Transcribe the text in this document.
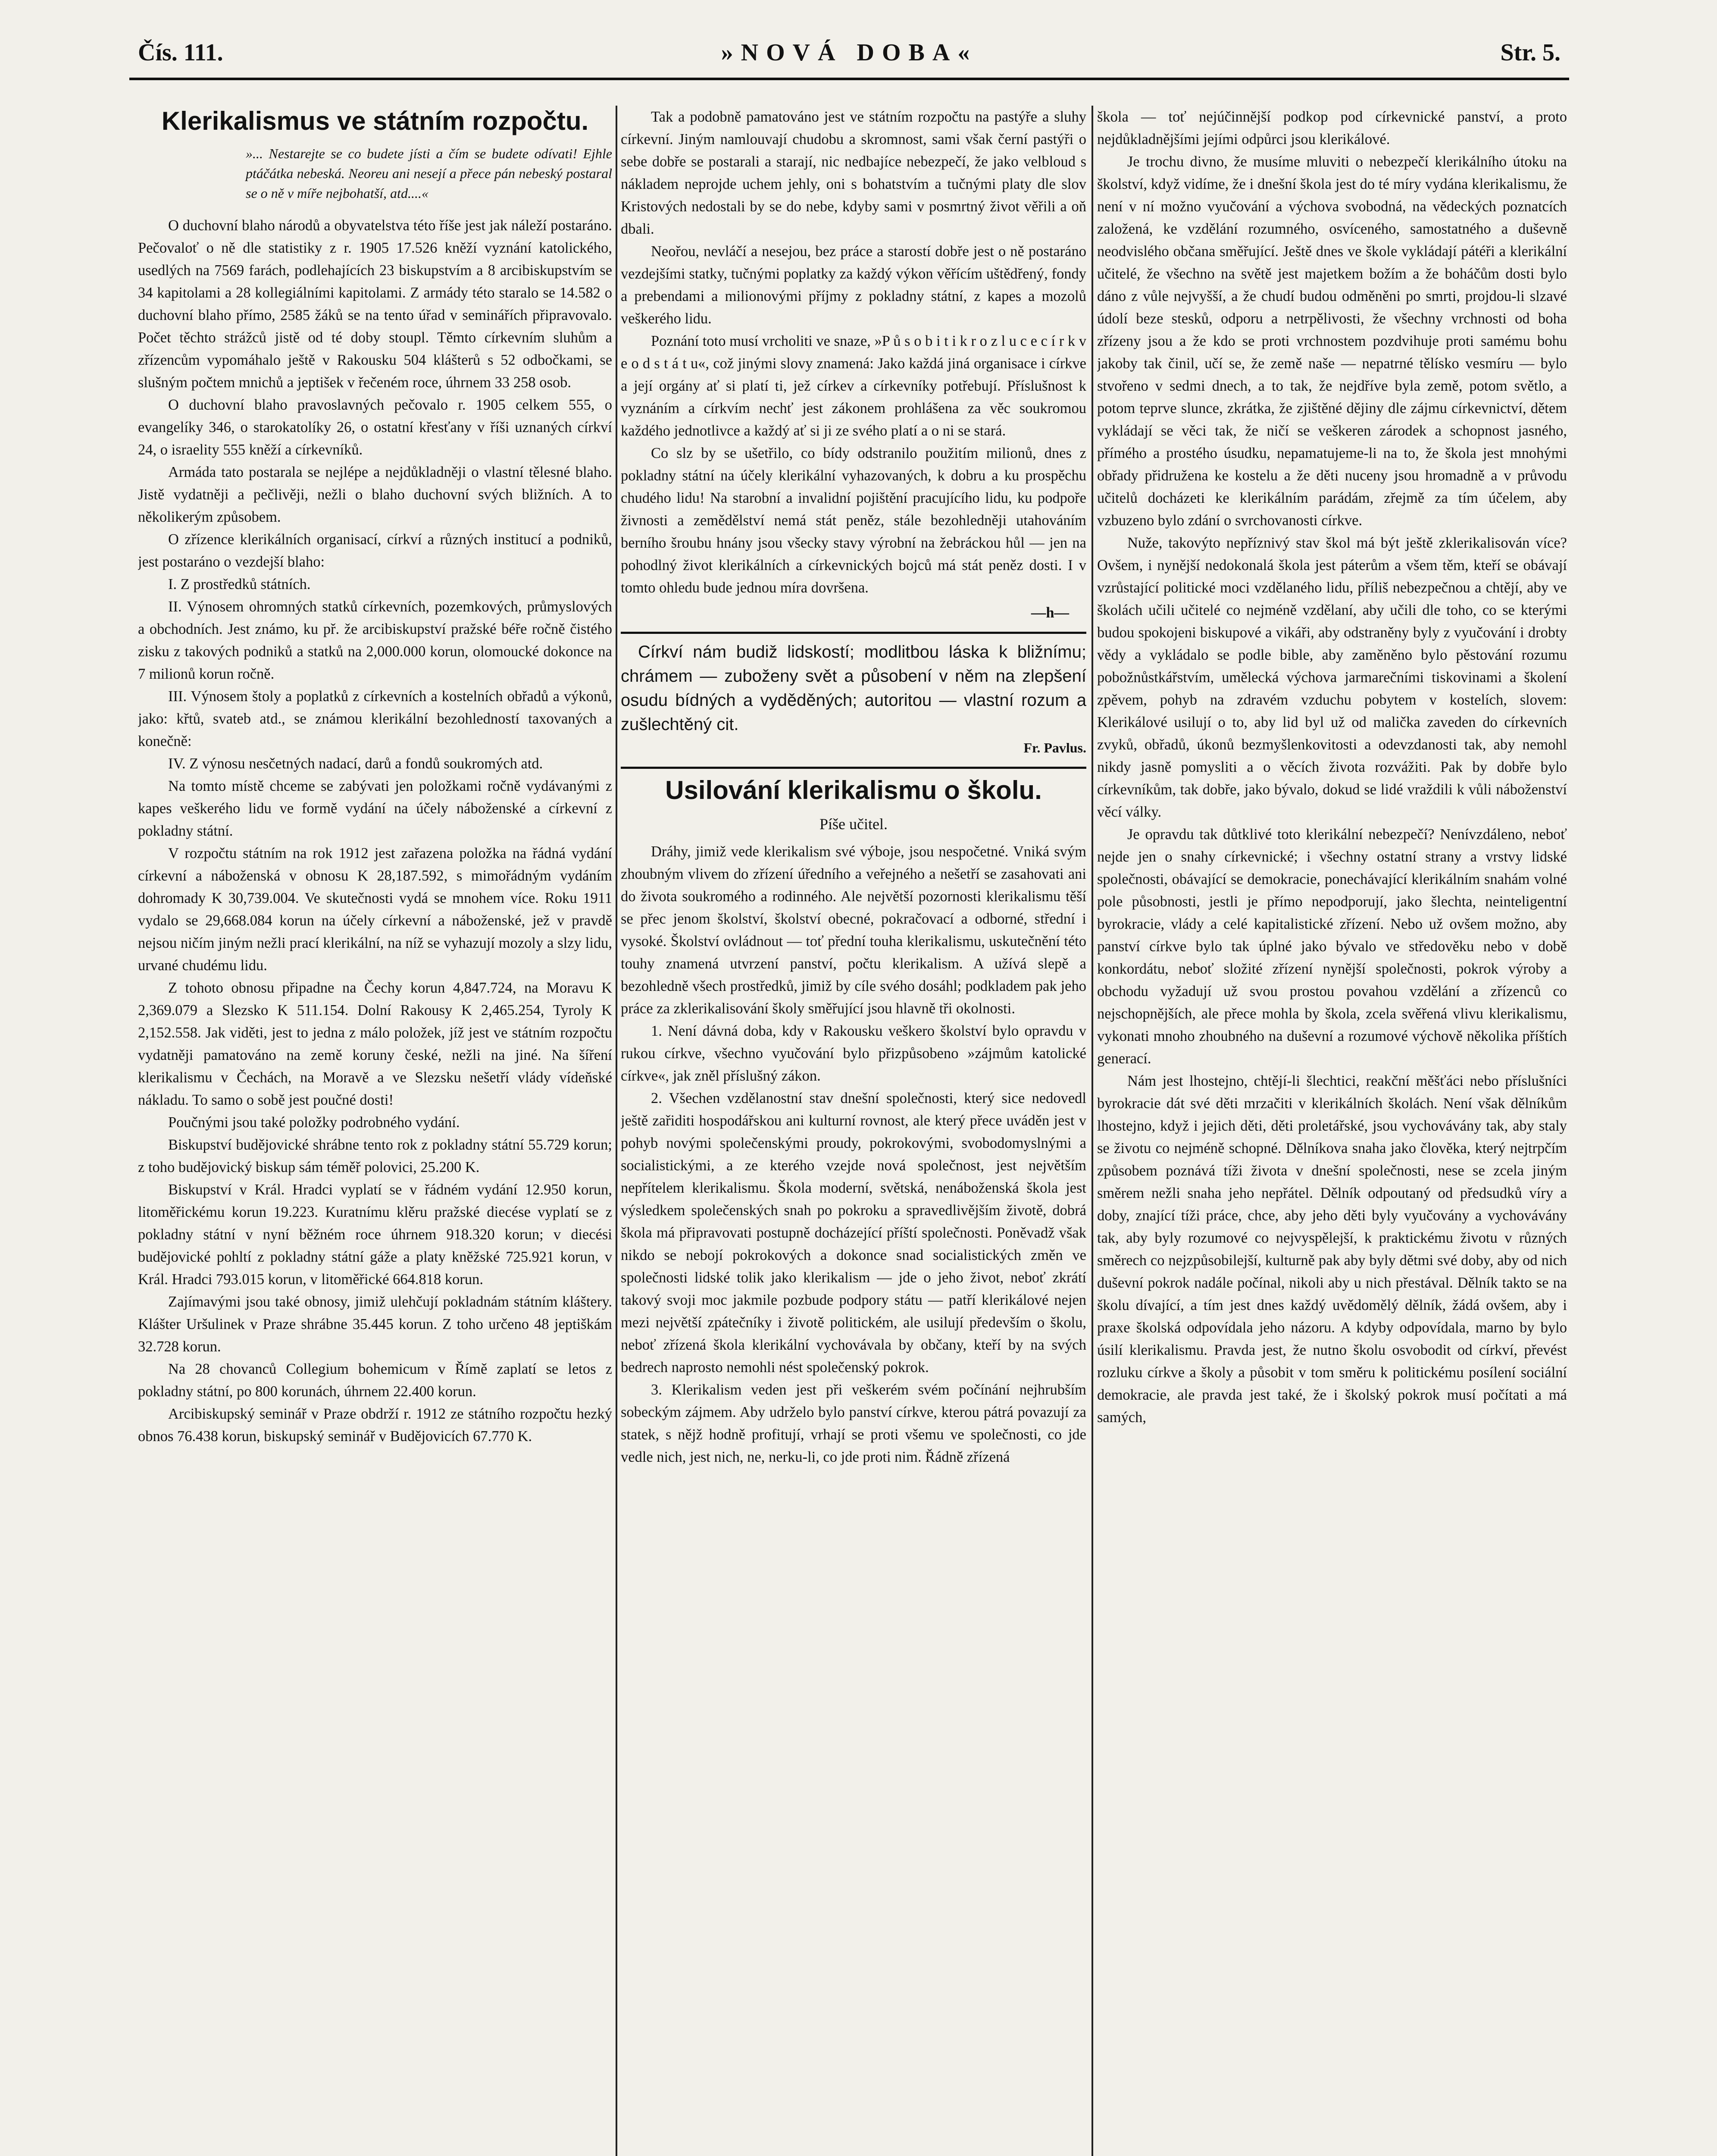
Čís. 111.	»NOVÁ DOBA«	Str. 5.
Klerikalismus ve státním rozpočtu.
»... Nestarejte se co budete jísti a čím se budete odívati! Ejhle ptáčátka nebeská. Neoreu ani nesejí a přece pán nebeský postaral se o ně v míře nejbohatší, atd....«

O duchovní blaho národů a obyvatelstva této říše jest jak náleží postaráno. Pečovaloť o ně dle statistiky z r. 1905 17.526 kněží vyznání katolického, usedlých na 7569 farách, podlehajících 23 biskupstvím a 8 arcibiskupstvím se 34 kapitolami a 28 kollegiálními kapitolami. Z armády této staralo se 14.582 o duchovní blaho přímo, 2585 žáků se na tento úřad v seminářích připravovalo. Počet těchto strážců jistě od té doby stoupl. Těmto církevním sluhům a zřízencům vypomáhalo ještě v Rakousku 504 klášterů s 52 odbočkami, se slušným počtem mnichů a jeptišek v řečeném roce, úhrnem 33 258 osob.

O duchovní blaho pravoslavných pečovalo r. 1905 celkem 555, o evangelíky 346, o starokatolíky 26, o ostatní křesťany v říši uznaných církví 24, o israelity 555 kněží a církevníků.

Armáda tato postarala se nejlépe a nejdůkladněji o vlastní tělesné blaho. Jistě vydatněji a pečlivěji, nežli o blaho duchovní svých bližních. A to několikerým způsobem.

O zřízence klerikálních organisací, církví a různých institucí a podniků, jest postaráno o vezdejší blaho:

I. Z prostředků státních.

II. Výnosem ohromných statků církevních, pozemkových, průmyslových a obchodních. Jest známo, ku př. že arcibiskupství pražské béře ročně čistého zisku z takových podniků a statků na 2,000.000 korun, olomoucké dokonce na 7 milionů korun ročně.

III. Výnosem štoly a poplatků z církevních a kostelních obřadů a výkonů, jako: křtů, svateb atd., se známou klerikální bezohledností taxovaných a konečně:

IV. Z výnosu nesčetných nadací, darů a fondů soukromých atd.

Na tomto místě chceme se zabývati jen položkami ročně vydávanými z kapes veškerého lidu ve formě vydání na účely náboženské a církevní z pokladny státní.

V rozpočtu státním na rok 1912 jest zařazena položka na řádná vydání církevní a náboženská v obnosu K 28,187.592, s mimořádným vydáním dohromady K 30,739.004. Ve skutečnosti vydá se mnohem více. Roku 1911 vydalo se 29,668.084 korun na účely církevní a náboženské, jež v pravdě nejsou ničím jiným nežli prací klerikální, na níž se vyhazují mozoly a slzy lidu, urvané chudému lidu.

Z tohoto obnosu připadne na Čechy korun 4,847.724, na Moravu K 2,369.079 a Slezsko K 511.154. Dolní Rakousy K 2,465.254, Tyroly K 2,152.558. Jak viděti, jest to jedna z málo položek, jíž jest ve státním rozpočtu vydatněji pamatováno na země koruny české, nežli na jiné. Na šíření klerikalismu v Čechách, na Moravě a ve Slezsku nešetří vlády vídeňské nákladu. To samo o sobě jest poučné dosti!

Poučnými jsou také položky podrobného vydání.

Biskupství budějovické shrábne tento rok z pokladny státní 55.729 korun; z toho budějovický biskup sám téměř polovici, 25.200 K.

Biskupství v Král. Hradci vyplatí se v řádném vydání 12.950 korun, litoměřickému korun 19.223. Kuratnímu klěru pražské diecése vyplatí se z pokladny státní v nyní běžném roce úhrnem 918.320 korun; v diecési budějovické pohltí z pokladny státní gáže a platy kněžské 725.921 korun, v Král. Hradci 793.015 korun, v litoměřické 664.818 korun.

Zajímavými jsou také obnosy, jimiž ulehčují pokladnám státním kláštery. Klášter Uršulinek v Praze shrábne 35.445 korun. Z toho určeno 48 jeptiškám 32.728 korun.

Na 28 chovanců Collegium bohemicum v Římě zaplatí se letos z pokladny státní, po 800 korunách, úhrnem 22.400 korun.

Arcibiskupský seminář v Praze obdrží r. 1912 ze státního rozpočtu hezký obnos 76.438 korun, biskupský seminář v Budějovicích 67.770 K.

Tak a podobně pamatováno jest ve státním rozpočtu na pastýře a sluhy církevní. Jiným namlouvají chudobu a skromnost, sami však černí pastýři o sebe dobře se postarali a starají, nic nedbajíce nebezpečí, že jako velbloud s nákladem neprojde uchem jehly, oni s bohatstvím a tučnými platy dle slov Kristových nedostali by se do nebe, kdyby sami v posmrtný život věřili a oň dbali.

Neořou, nevláčí a nesejou, bez práce a starostí dobře jest o ně postaráno vezdejšími statky, tučnými poplatky za každý výkon věřícím uštědřený, fondy a prebendami a milionovými příjmy z pokladny státní, z kapes a mozolů veškerého lidu.

Poznání toto musí vrcholiti ve snaze, »P ů s o b i t i k r o z l u c e c í r k v e o d s t á t u«, což jinými slovy znamená: Jako každá jiná organisace i církve a její orgány ať si platí ti, jež církev a církevníky potřebují. Příslušnost k vyznáním a církvím nechť jest zákonem prohlášena za věc soukromou každého jednotlivce a každý ať si ji ze svého platí a o ni se stará.

Co slz by se ušetřilo, co bídy odstranilo použitím milionů, dnes z pokladny státní na účely klerikální vyhazovaných, k dobru a ku prospěchu chudého lidu! Na starobní a invalidní pojištění pracujícího lidu, ku podpoře živnosti a zemědělství nemá stát peněz, stále bezohledněji utahováním berního šroubu hnány jsou všecky stavy výrobní na žebráckou hůl — jen na pohodlný život klerikálních a církevnických bojců má stát peněz dosti. I v tomto ohledu bude jednou míra dovršena.

—h—
Církví nám budiž lidskostí; modlitbou láska k bližnímu; chrámem — zuboženy svět a působení v něm na zlepšení osudu bídných a vyděděných; autoritou — vlastní rozum a zušlechtěný cit.
Fr. Pavlus.
Usilování klerikalismu o školu.
Píše učitel.

Dráhy, jimiž vede klerikalism své výboje, jsou nespočetné. Vniká svým zhoubným vlivem do zřízení úředního a veřejného a nešetří se zasahovati ani do života soukromého a rodinného. Ale největší pozornosti klerikalismu těší se přec jenom školství, školství obecné, pokračovací a odborné, střední i vysoké. Školství ovládnout — toť přední touha klerikalismu, uskutečnění této touhy znamená utvrzení panství, počtu klerikalism. A užívá slepě a bezohledně všech prostředků, jimiž by cíle svého dosáhl; podkladem pak jeho práce za zklerikalisování školy směřující jsou hlavně tři okolnosti.

1. Není dávná doba, kdy v Rakousku veškero školství bylo opravdu v rukou církve, všechno vyučování bylo přizpůsobeno »zájmům katolické církve«, jak zněl příslušný zákon.

2. Všechen vzdělanostní stav dnešní společnosti, který sice nedovedl ještě zařiditi hospodářskou ani kulturní rovnost, ale který přece uváděn jest v pohyb novými společenskými proudy, pokrokovými, svobodomyslnými a socialistickými, a ze kterého vzejde nová společnost, jest největším nepřítelem klerikalismu. Škola moderní, světská, nenáboženská škola jest výsledkem společenských snah po pokroku a spravedlivějším životě, dobrá škola má připravovati postupně docházející příští společnosti. Poněvadž však nikdo se nebojí pokrokových a dokonce snad socialistických změn ve společnosti lidské tolik jako klerikalism — jde o jeho život, neboť zkrátí takový svoji moc jakmile pozbude podpory státu — patří klerikálové nejen mezi největší zpátečníky i životě politickém, ale usilují především o školu, neboť zřízená škola klerikální vychovávala by občany, kteří by na svých bedrech naprosto nemohli nést společenský pokrok.

3. Klerikalism veden jest při veškerém svém počínání nejhrubším sobeckým zájmem. Aby udrželo bylo panství církve, kterou pátrá povazují za statek, s nějž hodně profitují, vrhají se proti všemu ve společnosti, co jde vedle nich, jest nich, ne, nerku-li, co jde proti nim. Řádně zřízená

škola — toť nejúčinnější podkop pod církevnické panství, a proto nejdůkladnějšími jejími odpůrci jsou klerikálové.

Je trochu divno, že musíme mluviti o nebezpečí klerikálního útoku na školství, když vidíme, že i dnešní škola jest do té míry vydána klerikalismu, že není v ní možno vyučování a výchova svobodná, na vědeckých poznatcích založená, ke vzdělání rozumného, osvíceného, samostatného a duševně neodvislého občana směřující. Ještě dnes ve škole vykládají pátéři a klerikální učitelé, že všechno na světě jest majetkem božím a že boháčům dosti bylo dáno z vůle nejvyšší, a že chudí budou odměněni po smrti, projdou-li slzavé údolí beze stesků, odporu a netrpělivosti, že všechny vrchnosti od boha zřízeny jsou a že kdo se proti vrchnostem pozdvihuje proti samému bohu jakoby tak činil, učí se, že země naše — nepatrné tělísko vesmíru — bylo stvořeno v sedmi dnech, a to tak, že nejdříve byla země, potom světlo, a potom teprve slunce, zkrátka, že zjištěné dějiny dle zájmu církevnictví, dětem vykládají se věci tak, že ničí se veškeren zárodek a schopnost jasného, přímého a prostého úsudku, nepamatujeme-li na to, že škola jest mnohými obřady přidružena ke kostelu a že děti nuceny jsou hromadně a v průvodu učitelů docházeti ke klerikálním parádám, zřejmě za tím účelem, aby vzbuzeno bylo zdání o svrchovanosti církve.

Nuže, takovýto nepříznivý stav škol má být ještě zklerikalisován více? Ovšem, i nynější nedokonalá škola jest páterům a všem těm, kteří se obávají vzrůstající politické moci vzdělaného lidu, příliš nebezpečnou a chtějí, aby ve školách učili učitelé co nejméně vzdělaní, aby učili dle toho, co se kterými budou spokojeni biskupové a vikáři, aby odstraněny byly z vyučování i drobty vědy a vykládalo se podle bible, aby zaměněno bylo pěstování rozumu pobožnůstkářstvím, umělecká výchova jarmarečními tiskovinami a školení zpěvem, pohyb na zdravém vzduchu pobytem v kostelích, slovem: Klerikálové usilují o to, aby lid byl už od malička zaveden do církevních zvyků, obřadů, úkonů bezmyšlenkovitosti a odevzdanosti tak, aby nemohl nikdy jasně pomysliti a o věcích života rozvážiti. Pak by dobře bylo církevníkům, tak dobře, jako bývalo, dokud se lidé vraždili k vůli náboženství věcí války.

Je opravdu tak důtklivé toto klerikální nebezpečí? Nenívzdáleno, neboť nejde jen o snahy církevnické; i všechny ostatní strany a vrstvy lidské společnosti, obávající se demokracie, ponechávající klerikálním snahám volné pole působnosti, jestli je přímo nepodporují, jako šlechta, neinteligentní byrokracie, vlády a celé kapitalistické zřízení. Nebo už ovšem možno, aby panství církve bylo tak úplné jako bývalo ve středověku nebo v době konkordátu, neboť složité zřízení nynější společnosti, pokrok výroby a obchodu vyžadují už svou prostou povahou vzdělání a zřízenců co nejschopnějších, ale přece mohla by škola, zcela svěřená vlivu klerikalismu, vykonati mnoho zhoubného na duševní a rozumové výchově několika příštích generací.

Nám jest lhostejno, chtějí-li šlechtici, reakční měšťáci nebo příslušníci byrokracie dát své děti mrzačiti v klerikálních školách. Není však dělníkům lhostejno, když i jejich děti, děti proletářské, jsou vychovávány tak, aby staly se životu co nejméně schopné. Dělníkova snaha jako člověka, který nejtrpčím způsobem poznává tíži života v dnešní společnosti, nese se zcela jiným směrem nežli snaha jeho nepřátel. Dělník odpoutaný od předsudků víry a doby, znající tíži práce, chce, aby jeho děti byly vyučovány a vychovávány tak, aby byly rozumové co nejvyspělejší, k praktickému životu v různých směrech co nejzpůsobilejší, kulturně pak aby byly dětmi své doby, aby od nich duševní pokrok nadále počínal, nikoli aby u nich přestával. Dělník takto se na školu dívající, a tím jest dnes každý uvědomělý dělník, žádá ovšem, aby i praxe školská odpovídala jeho názoru. A kdyby odpovídala, marno by bylo úsilí klerikalismu. Pravda jest, že nutno školu osvobodit od církví, převést rozluku církve a školy a působit v tom směru k politickému posílení sociální demokracie, ale pravda jest také, že i školský pokrok musí počítati a má samých,
